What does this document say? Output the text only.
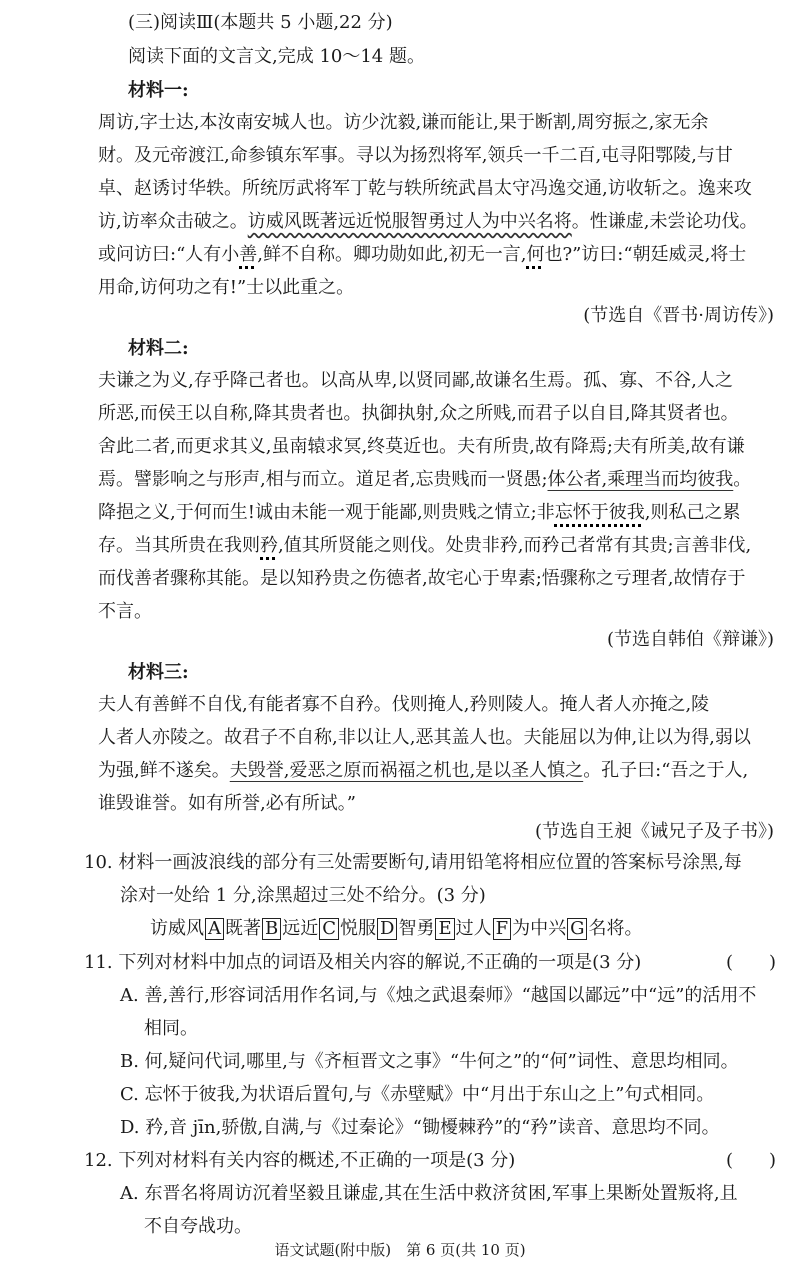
(三)阅读Ⅲ(本题共 5 小题,22 分)
阅读下面的文言文,完成 10～14 题。
材料一:
周访,字士达,本汝南安城人也。访少沈毅,谦而能让,果于断割,周穷振之,家无余
财。及元帝渡江,命参镇东军事。寻以为扬烈将军,领兵一千二百,屯寻阳鄂陵,与甘
卓、赵诱讨华轶。所统厉武将军丁乾与轶所统武昌太守冯逸交通,访收斩之。逸来攻
访,访率众击破之。访威风既著远近悦服智勇过人为中兴名将。性谦虚,未尝论功伐。
或问访曰:“人有小善,鲜不自称。卿功勋如此,初无一言,何也?”访曰:“朝廷威灵,将士
用命,访何功之有!”士以此重之。
(节选自《晋书·周访传》)
材料二:
夫谦之为义,存乎降己者也。以高从卑,以贤同鄙,故谦名生焉。孤、寡、不谷,人之
所恶,而侯王以自称,降其贵者也。执御执射,众之所贱,而君子以自目,降其贤者也。
舍此二者,而更求其义,虽南辕求冥,终莫近也。夫有所贵,故有降焉;夫有所美,故有谦
焉。譬影响之与形声,相与而立。道足者,忘贵贱而一贤愚;体公者,乘理当而均彼我。
降挹之义,于何而生!诚由未能一观于能鄙,则贵贱之情立;非忘怀于彼我,则私己之累
存。当其所贵在我则矜,值其所贤能之则伐。处贵非矜,而矜己者常有其贵;言善非伐,
而伐善者骤称其能。是以知矜贵之伤德者,故宅心于卑素;悟骤称之亏理者,故情存于
不言。
(节选自韩伯《辩谦》)
材料三:
夫人有善鲜不自伐,有能者寡不自矜。伐则掩人,矜则陵人。掩人者人亦掩之,陵
人者人亦陵之。故君子不自称,非以让人,恶其盖人也。夫能屈以为伸,让以为得,弱以
为强,鲜不遂矣。夫毁誉,爱恶之原而祸福之机也,是以圣人慎之。孔子曰:“吾之于人,
谁毁谁誉。如有所誉,必有所试。”
(节选自王昶《诫兄子及子书》)
10. 材料一画波浪线的部分有三处需要断句,请用铅笔将相应位置的答案标号涂黑,每
涂对一处给 1 分,涂黑超过三处不给分。(3 分)
访威风 A 既著 B 远近 C 悦服 D 智勇 E 过人 F 为中兴 G 名将。
11. 下列对材料中加点的词语及相关内容的解说,不正确的一项是(3 分)	(　　)
A. 善,善行,形容词活用作名词,与《烛之武退秦师》“越国以鄙远”中“远”的活用不
相同。
B. 何,疑问代词,哪里,与《齐桓晋文之事》“牛何之”的“何”词性、意思均相同。
C. 忘怀于彼我,为状语后置句,与《赤壁赋》中“月出于东山之上”句式相同。
D. 矜,音 jīn,骄傲,自满,与《过秦论》“锄櫌棘矜”的“矜”读音、意思均不同。
12. 下列对材料有关内容的概述,不正确的一项是(3 分)	(　　)
A. 东晋名将周访沉着坚毅且谦虚,其在生活中救济贫困,军事上果断处置叛将,且
不自夸战功。
语文试题(附中版)　第 6 页(共 10 页)
